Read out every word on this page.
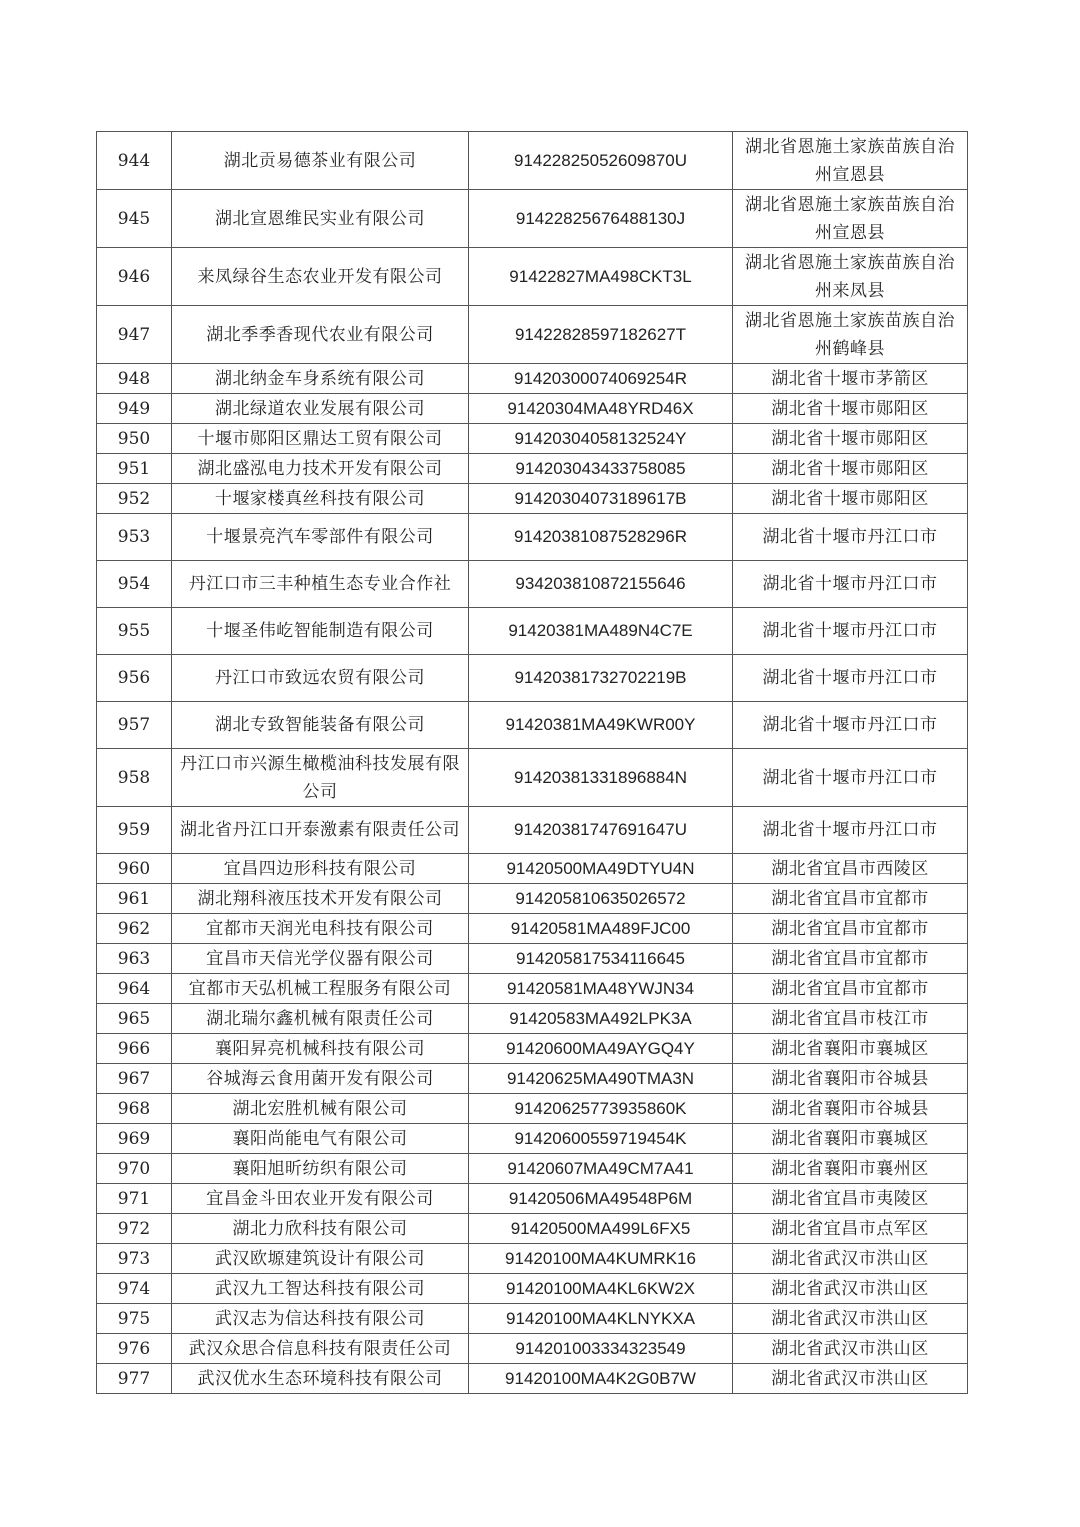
944	湖北贡易德茶业有限公司	91422825052609870U	湖北省恩施土家族苗族自治州宣恩县
945	湖北宣恩维民实业有限公司	91422825676488130J	湖北省恩施土家族苗族自治州宣恩县
946	来凤绿谷生态农业开发有限公司	91422827MA498CKT3L	湖北省恩施土家族苗族自治州来凤县
947	湖北季季香现代农业有限公司	91422828597182627T	湖北省恩施土家族苗族自治州鹤峰县
948	湖北纳金车身系统有限公司	91420300074069254R	湖北省十堰市茅箭区
949	湖北绿道农业发展有限公司	91420304MA48YRD46X	湖北省十堰市郧阳区
950	十堰市郧阳区鼎达工贸有限公司	91420304058132524Y	湖北省十堰市郧阳区
951	湖北盛泓电力技术开发有限公司	914203043433758085	湖北省十堰市郧阳区
952	十堰家楼真丝科技有限公司	91420304073189617B	湖北省十堰市郧阳区
953	十堰景亮汽车零部件有限公司	91420381087528296R	湖北省十堰市丹江口市
954	丹江口市三丰种植生态专业合作社	934203810872155646	湖北省十堰市丹江口市
955	十堰圣伟屹智能制造有限公司	91420381MA489N4C7E	湖北省十堰市丹江口市
956	丹江口市致远农贸有限公司	91420381732702219B	湖北省十堰市丹江口市
957	湖北专致智能装备有限公司	91420381MA49KWR00Y	湖北省十堰市丹江口市
958	丹江口市兴源生橄榄油科技发展有限公司	91420381331896884N	湖北省十堰市丹江口市
959	湖北省丹江口开泰激素有限责任公司	91420381747691647U	湖北省十堰市丹江口市
960	宜昌四边形科技有限公司	91420500MA49DTYU4N	湖北省宜昌市西陵区
961	湖北翔科液压技术开发有限公司	914205810635026572	湖北省宜昌市宜都市
962	宜都市天润光电科技有限公司	91420581MA489FJC00	湖北省宜昌市宜都市
963	宜昌市天信光学仪器有限公司	914205817534116645	湖北省宜昌市宜都市
964	宜都市天弘机械工程服务有限公司	91420581MA48YWJN34	湖北省宜昌市宜都市
965	湖北瑞尔鑫机械有限责任公司	91420583MA492LPK3A	湖北省宜昌市枝江市
966	襄阳昇亮机械科技有限公司	91420600MA49AYGQ4Y	湖北省襄阳市襄城区
967	谷城海云食用菌开发有限公司	91420625MA490TMA3N	湖北省襄阳市谷城县
968	湖北宏胜机械有限公司	91420625773935860K	湖北省襄阳市谷城县
969	襄阳尚能电气有限公司	91420600559719454K	湖北省襄阳市襄城区
970	襄阳旭昕纺织有限公司	91420607MA49CM7A41	湖北省襄阳市襄州区
971	宜昌金斗田农业开发有限公司	91420506MA49548P6M	湖北省宜昌市夷陵区
972	湖北力欣科技有限公司	91420500MA499L6FX5	湖北省宜昌市点军区
973	武汉欧塬建筑设计有限公司	91420100MA4KUMRK16	湖北省武汉市洪山区
974	武汉九工智达科技有限公司	91420100MA4KL6KW2X	湖北省武汉市洪山区
975	武汉志为信达科技有限公司	91420100MA4KLNYKXA	湖北省武汉市洪山区
976	武汉众思合信息科技有限责任公司	914201003334323549	湖北省武汉市洪山区
977	武汉优水生态环境科技有限公司	91420100MA4K2G0B7W	湖北省武汉市洪山区
